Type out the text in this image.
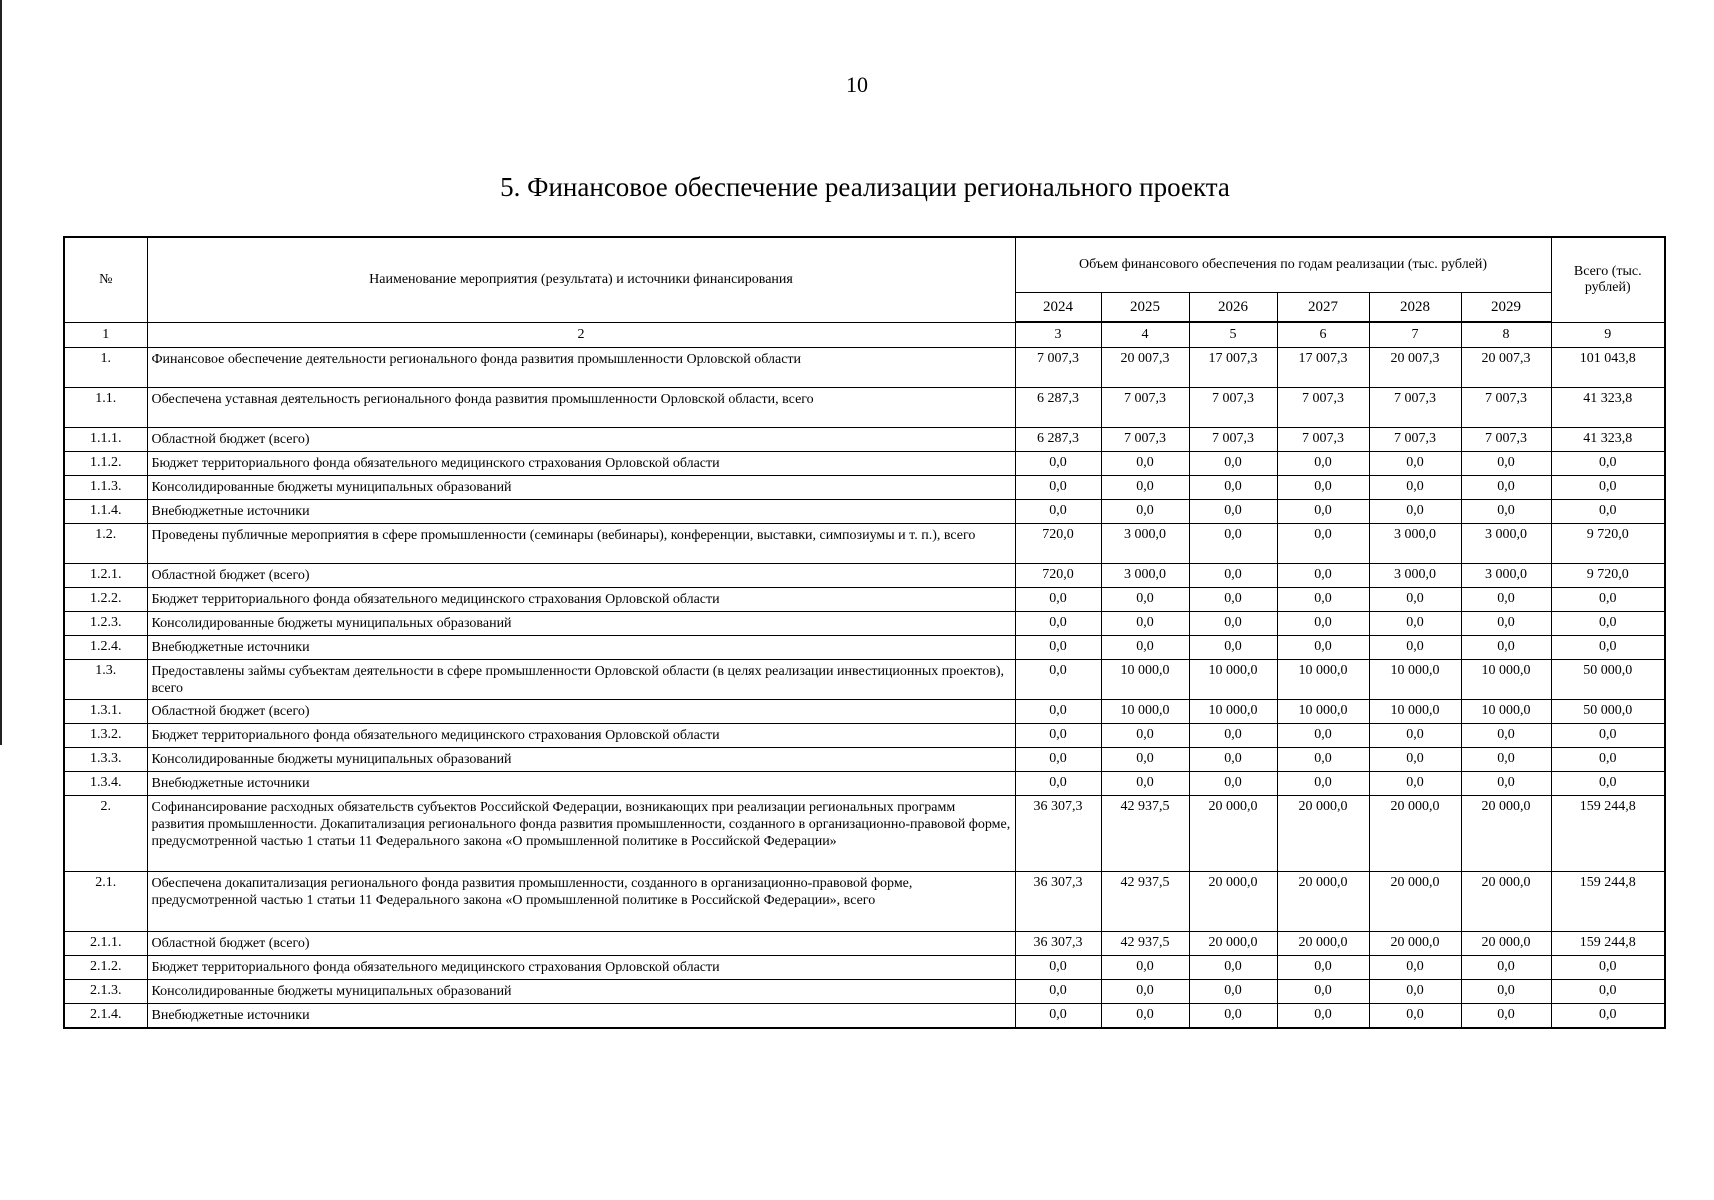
10
5. Финансовое обеспечение реализации регионального проекта
№	Наименование мероприятия (результата) и источники финансирования	Объем финансового обеспечения по годам реализации (тыс. рублей)						Всего (тыс. рублей)
		2024	2025	2026	2027	2028	2029	
1	2	3	4	5	6	7	8	9
1.	Финансовое обеспечение деятельности регионального фонда развития промышленности Орловской области	7 007,3	20 007,3	17 007,3	17 007,3	20 007,3	20 007,3	101 043,8
1.1.	Обеспечена уставная деятельность регионального фонда развития промышленности Орловской области, всего	6 287,3	7 007,3	7 007,3	7 007,3	7 007,3	7 007,3	41 323,8
1.1.1.	Областной бюджет (всего)	6 287,3	7 007,3	7 007,3	7 007,3	7 007,3	7 007,3	41 323,8
1.1.2.	Бюджет территориального фонда обязательного медицинского страхования Орловской области	0,0	0,0	0,0	0,0	0,0	0,0	0,0
1.1.3.	Консолидированные бюджеты муниципальных образований	0,0	0,0	0,0	0,0	0,0	0,0	0,0
1.1.4.	Внебюджетные источники	0,0	0,0	0,0	0,0	0,0	0,0	0,0
1.2.	Проведены публичные мероприятия в сфере промышленности (семинары (вебинары), конференции, выставки, симпозиумы и т. п.), всего	720,0	3 000,0	0,0	0,0	3 000,0	3 000,0	9 720,0
1.2.1.	Областной бюджет (всего)	720,0	3 000,0	0,0	0,0	3 000,0	3 000,0	9 720,0
1.2.2.	Бюджет территориального фонда обязательного медицинского страхования Орловской области	0,0	0,0	0,0	0,0	0,0	0,0	0,0
1.2.3.	Консолидированные бюджеты муниципальных образований	0,0	0,0	0,0	0,0	0,0	0,0	0,0
1.2.4.	Внебюджетные источники	0,0	0,0	0,0	0,0	0,0	0,0	0,0
1.3.	Предоставлены займы субъектам деятельности в сфере промышленности Орловской области (в целях реализации инвестиционных проектов), всего	0,0	10 000,0	10 000,0	10 000,0	10 000,0	10 000,0	50 000,0
1.3.1.	Областной бюджет (всего)	0,0	10 000,0	10 000,0	10 000,0	10 000,0	10 000,0	50 000,0
1.3.2.	Бюджет территориального фонда обязательного медицинского страхования Орловской области	0,0	0,0	0,0	0,0	0,0	0,0	0,0
1.3.3.	Консолидированные бюджеты муниципальных образований	0,0	0,0	0,0	0,0	0,0	0,0	0,0
1.3.4.	Внебюджетные источники	0,0	0,0	0,0	0,0	0,0	0,0	0,0
2.	Софинансирование расходных обязательств субъектов Российской Федерации, возникающих при реализации региональных программ развития промышленности. Докапитализация регионального фонда развития промышленности, созданного в организационно-правовой форме, предусмотренной частью 1 статьи 11 Федерального закона «О промышленной политике в Российской Федерации»	36 307,3	42 937,5	20 000,0	20 000,0	20 000,0	20 000,0	159 244,8
2.1.	Обеспечена докапитализация регионального фонда развития промышленности, созданного в организационно-правовой форме, предусмотренной частью 1 статьи 11 Федерального закона «О промышленной политике в Российской Федерации», всего	36 307,3	42 937,5	20 000,0	20 000,0	20 000,0	20 000,0	159 244,8
2.1.1.	Областной бюджет (всего)	36 307,3	42 937,5	20 000,0	20 000,0	20 000,0	20 000,0	159 244,8
2.1.2.	Бюджет территориального фонда обязательного медицинского страхования Орловской области	0,0	0,0	0,0	0,0	0,0	0,0	0,0
2.1.3.	Консолидированные бюджеты муниципальных образований	0,0	0,0	0,0	0,0	0,0	0,0	0,0
2.1.4.	Внебюджетные источники	0,0	0,0	0,0	0,0	0,0	0,0	0,0
